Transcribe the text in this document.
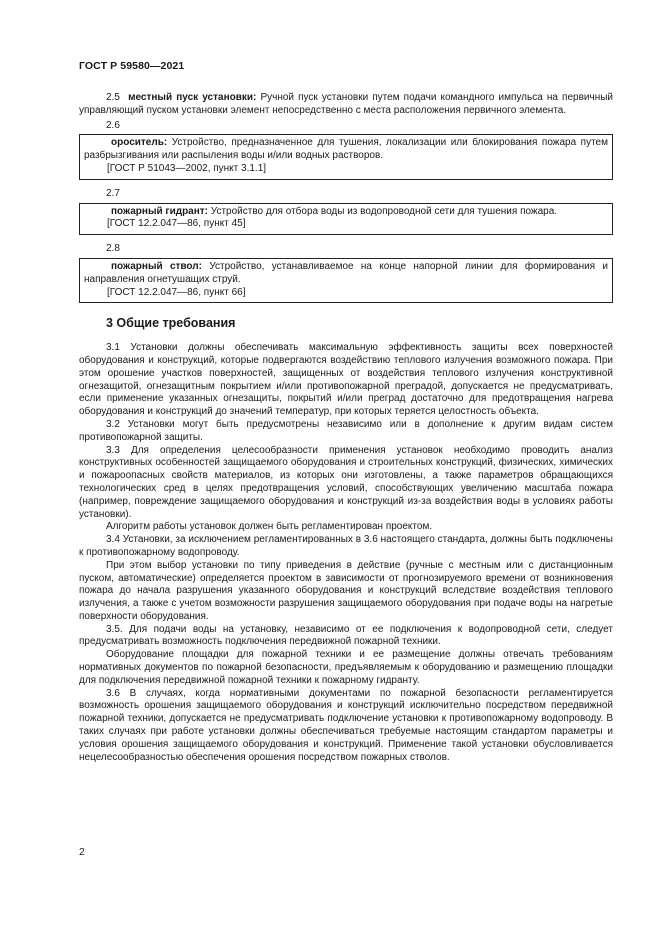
ГОСТ Р 59580—2021

2.5 местный пуск установки: Ручной пуск установки путем подачи командного импульса на первичный управляющий пуском установки элемент непосредственно с места расположения первичного элемента.

2.6

ороситель: Устройство, предназначенное для тушения, локализации или блокирования пожара путем разбрызгивания или распыления воды и/или водных растворов.

[ГОСТ Р 51043—2002, пункт 3.1.1]

2.7

пожарный гидрант: Устройство для отбора воды из водопроводной сети для тушения пожара.

[ГОСТ 12.2.047—86, пункт 45]

2.8

пожарный ствол: Устройство, устанавливаемое на конце напорной линии для формирования и направления огнетушащих струй.

[ГОСТ 12.2.047—86, пункт 66]

3 Общие требования

3.1 Установки должны обеспечивать максимальную эффективность защиты всех поверхностей оборудования и конструкций, которые подвергаются воздействию теплового излучения возможного пожара. При этом орошение участков поверхностей, защищенных от воздействия теплового излучения конструктивной огнезащитой, огнезащитным покрытием и/или противопожарной преградой, допускается не предусматривать, если применение указанных огнезащиты, покрытий и/или преград достаточно для предотвращения нагрева оборудования и конструкций до значений температур, при которых теряется целостность объекта.

3.2 Установки могут быть предусмотрены независимо или в дополнение к другим видам систем противопожарной защиты.

3.3 Для определения целесообразности применения установок необходимо проводить анализ конструктивных особенностей защищаемого оборудования и строительных конструкций, физических, химических и пожароопасных свойств материалов, из которых они изготовлены, а также параметров обращающихся технологических сред в целях предотвращения условий, способствующих увеличению масштаба пожара (например, повреждение защищаемого оборудования и конструкций из-за воздействия воды в условиях работы установки).

Алгоритм работы установок должен быть регламентирован проектом.

3.4 Установки, за исключением регламентированных в 3.6 настоящего стандарта, должны быть подключены к противопожарному водопроводу.

При этом выбор установки по типу приведения в действие (ручные с местным или с дистанционным пуском, автоматические) определяется проектом в зависимости от прогнозируемого времени от возникновения пожара до начала разрушения указанного оборудования и конструкций вследствие воздействия теплового излучения, а также с учетом возможности разрушения защищаемого оборудования при подаче воды на нагретые поверхности оборудования.

3.5. Для подачи воды на установку, независимо от ее подключения к водопроводной сети, следует предусматривать возможность подключения передвижной пожарной техники.

Оборудование площадки для пожарной техники и ее размещение должны отвечать требованиям нормативных документов по пожарной безопасности, предъявляемым к оборудованию и размещению площадки для подключения передвижной пожарной техники к пожарному гидранту.

3.6 В случаях, когда нормативными документами по пожарной безопасности регламентируется возможность орошения защищаемого оборудования и конструкций исключительно посредством передвижной пожарной техники, допускается не предусматривать подключение установки к противопожарному водопроводу. В таких случаях при работе установки должны обеспечиваться требуемые настоящим стандартом параметры и условия орошения защищаемого оборудования и конструкций. Применение такой установки обусловливается нецелесообразностью обеспечения орошения посредством пожарных стволов.

2
